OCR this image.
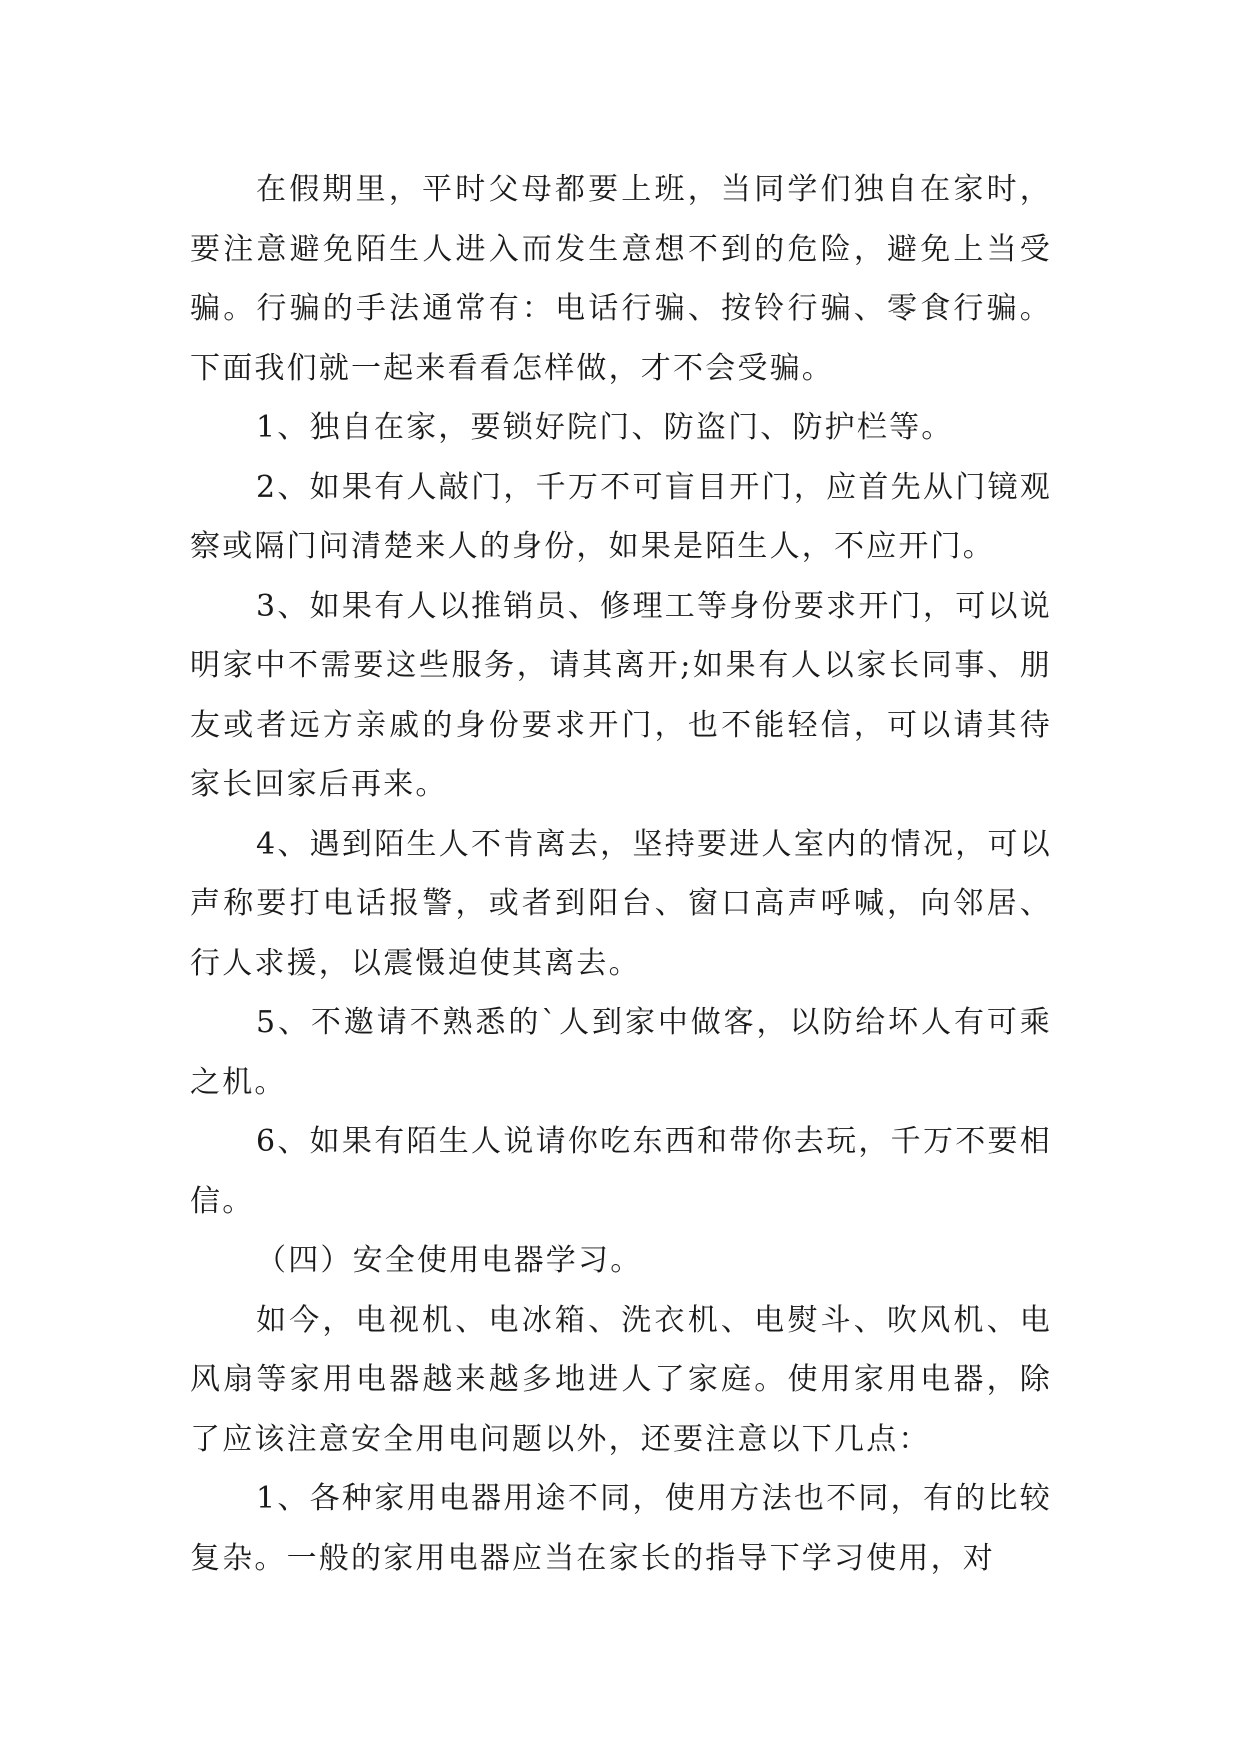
在假期里，平时父母都要上班，当同学们独自在家时，要注意避免陌生人进入而发生意想不到的危险，避免上当受骗。行骗的手法通常有：电话行骗、按铃行骗、零食行骗。下面我们就一起来看看怎样做，才不会受骗。

1、独自在家，要锁好院门、防盗门、防护栏等。

2、如果有人敲门，千万不可盲目开门，应首先从门镜观察或隔门问清楚来人的身份，如果是陌生人，不应开门。

3、如果有人以推销员、修理工等身份要求开门，可以说明家中不需要这些服务，请其离开;如果有人以家长同事、朋友或者远方亲戚的身份要求开门，也不能轻信，可以请其待家长回家后再来。

4、遇到陌生人不肯离去，坚持要进人室内的情况，可以声称要打电话报警，或者到阳台、窗口高声呼喊，向邻居、行人求援，以震慑迫使其离去。

5、不邀请不熟悉的`人到家中做客，以防给坏人有可乘之机。

6、如果有陌生人说请你吃东西和带你去玩，千万不要相信。

（四）安全使用电器学习。

如今，电视机、电冰箱、洗衣机、电熨斗、吹风机、电风扇等家用电器越来越多地进人了家庭。使用家用电器，除了应该注意安全用电问题以外，还要注意以下几点：

1、各种家用电器用途不同，使用方法也不同，有的比较复杂。一般的家用电器应当在家长的指导下学习使用，对
